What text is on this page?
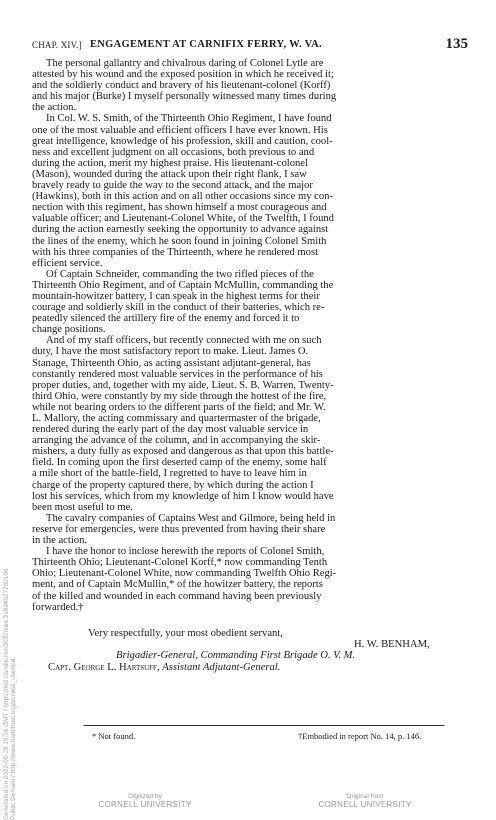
CHAP. XIV.] ENGAGEMENT AT CARNIFIX FERRY, W. VA.	135

The personal gallantry and chivalrous daring of Colonel Lytle are
attested by his wound and the exposed position in which he received it;
and the soldierly conduct and bravery of his lieutenant-colonel (Korff)
and his major (Burke) I myself personally witnessed many times during
the action.

In Col. W. S. Smith, of the Thirteenth Ohio Regiment, I have found
one of the most valuable and efficient officers I have ever known. His
great intelligence, knowledge of his profession, skill and caution, cool-
ness and excellent judgment on all occasions, both previous to and
during the action, merit my highest praise. His lieutenant-colonel
(Mason), wounded during the attack upon their right flank, I saw
bravely ready to guide the way to the second attack, and the major
(Hawkins), both in this action and on all other occasions since my con-
nection with this regiment, has shown himself a most courageous and
valuable officer; and Lieutenant-Colonel White, of the Twelfth, I found
during the action earnestly seeking the opportunity to advance against
the lines of the enemy, which he soon found in joining Colonel Smith
with his three companies of the Thirteenth, where he rendered most
efficient service.

Of Captain Schneider, commanding the two rifled pieces of the
Thirteenth Ohio Regiment, and of Captain McMullin, commanding the
mountain-howitzer battery, I can speak in the highest terms for their
courage and soldierly skill in the conduct of their batteries, which re-
peatedly silenced the artillery fire of the enemy and forced it to
change positions.

And of my staff officers, but recently connected with me on such
duty, I have the most satisfactory report to make. Lieut. James O.
Stanage, Thirteenth Ohio, as acting assistant adjutant-general, has
constantly rendered most valuable services in the performance of his
proper duties, and, together with my aide, Lieut. S. B. Warren, Twenty-
third Ohio, were constantly by my side through the hottest of the fire,
while not bearing orders to the different parts of the field; and Mr. W.
L. Mallory, the acting commissary and quartermaster of the brigade,
rendered during the early part of the day most valuable service in
arranging the advance of the column, and in accompanying the skir-
mishers, a duty fully as exposed and dangerous as that upon this battle-
field. In coming upon the first deserted camp of the enemy, some half
a mile short of the battle-field, I regretted to have to leave him in
charge of the property captured there, by which during the action I
lost his services, which from my knowledge of him I know would have
been most useful to me.

The cavalry companies of Captains West and Gilmore, being held in
reserve for emergencies, were thus prevented from having their share
in the action.

I have the honor to inclose herewith the reports of Colonel Smith,
Thirteenth Ohio; Lieutenant-Colonel Korff,* now commanding Tenth
Ohio; Lieutenant-Colonel White, now commanding Twelfth Ohio Regi-
ment, and of Captain McMullin,* of the howitzer battery, the reports
of the killed and wounded in each command having been previously
forwarded.†

Very respectfully, your most obedient servant,
H. W. BENHAM,
Brigadier-General, Commanding First Brigade O. V. M.
Capt. George L. Hartsuff, Assistant Adjutant-General.
* Not found.	†Embodied in report No. 14, p. 146.
Generated on 2022-05-28 16:56 GMT / https://hdl.handle.net/2027/coo.31924077730194 Public Domain / http://www.hathitrust.org/access_use#pd	Digitized by
CORNELL UNIVERSITY
Original from
CORNELL UNIVERSITY
